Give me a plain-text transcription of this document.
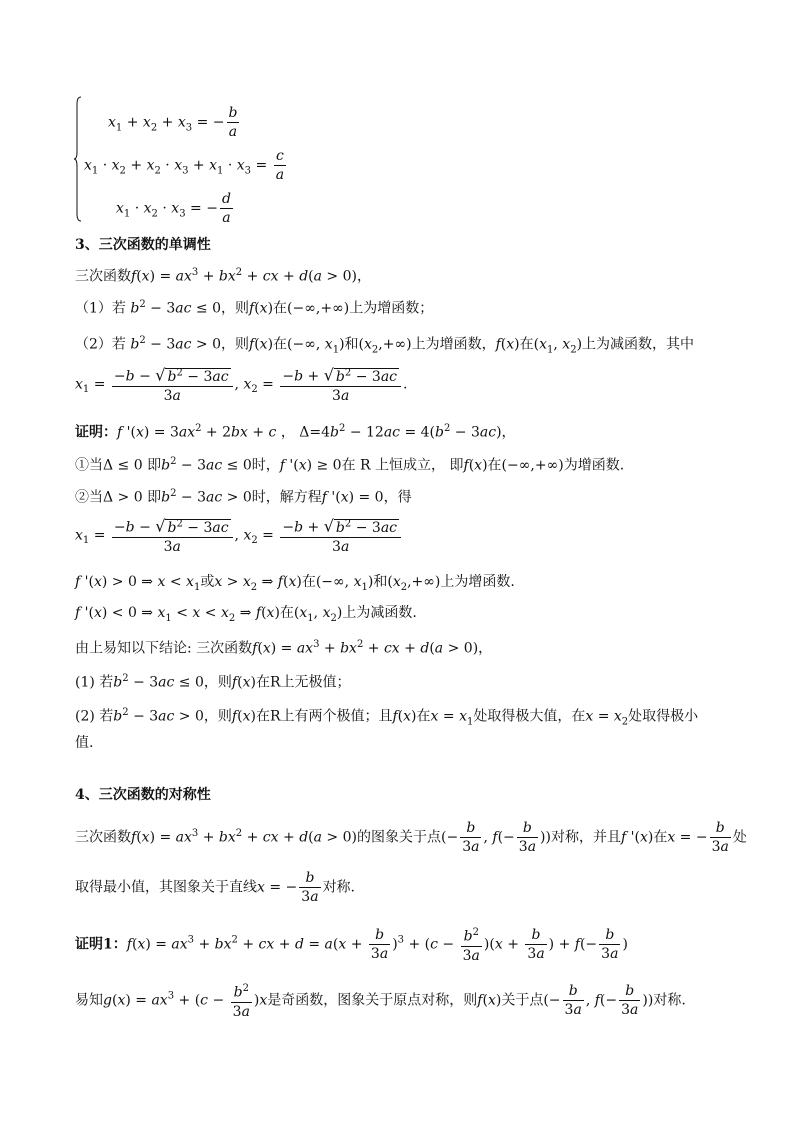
$x_1 + x_2 + x_3$ = − $\frac{b}{a}$
$x_1 \cdot x_2 + x_2 \cdot x_3 + x_1 \cdot x_3 = \frac{c}{a}$
$x_1 \cdot x_2 \cdot x_3$ = − $\frac{d}{a}$
3、三次函数的单调性
三次函数$f(x) = ax^3 + bx^2$ + cx + d(a > 0)，
（1）若 $b^2 - 3ac \le 0$，则f(x)在(−∞,+∞)上为增函数；
（2）若 $b^2 - 3ac > 0$，则f(x)在(−∞, $x_1$)和$(x_2,+\infty)$上为增函数，f(x)在($x_1$, $x_2$)上为减函数，其中
$x_1 = \frac{-b - √ b^2 - 3ac}{3a}$ , $x_2 = \frac{-b + √ b^2 - 3ac}{3a}$ .
证明：f '$(x) = 3ax^2 + 2bx + c$ ， $\Delta=4b^2 - 12ac = 4(b^2 - 3ac)$，
①当Δ ≤ 0 即$b^2 - 3ac \le 0$时，f '(x) ≥ 0在 R 上恒成立， 即f(x)在(−∞,+∞)为增函数.
②当Δ > 0 即$b^2 - 3ac > 0$时，解方程f '(x) = 0，得
$x_1 = \frac{-b - √ b^2 - 3ac}{3a}$ , $x_2 = \frac{-b + √ b^2 - 3ac}{3a}$
f '(x) > 0 ⇒ $x < x_1$或$x > x_2$ ⇒ f(x)在(−∞, $x_1$)和$(x_2,+\infty)$上为增函数.
f '(x) < 0 ⇒ $x_1 < x < x_2$ ⇒ f(x)在($x_1$, $x_2$)上为减函数.
由上易知以下结论: 三次函数$f(x) = ax^3 + bx^2$ + cx + d(a > 0)，
(1) 若$b^2 - 3ac \le 0$，则f(x)在R上无极值；
(2) 若$b^2 - 3ac > 0$，则f(x)在R上有两个极值；且f(x)在$x = x_1$处取得极大值，在$x = x_2$处取得极小
值.
4、三次函数的对称性
三次函数$f(x) = ax^3 + bx^2$ + cx + d(a > 0)的图象关于点(− $\frac{b}{3a}$ , $f(- \frac{b}{3a}$ ))对称，并且f '(x)在x = − $\frac{b}{3a}$ 处
取得最小值，其图象关于直线x = − $\frac{b}{3a}$ 对称.
证明1：$f(x) = ax^3 + bx^2$ + cx + $d = a(x + \frac{b}{3a} )^3 + (c - \frac{b^2}{3a} )(x + \frac{b}{3a}$ ) + $f(- \frac{b}{3a}$ )
易知$g(x) = ax^3 + (c - \frac{b^2}{3a} )x$是奇函数，图象关于原点对称，则f(x)关于点(− $\frac{b}{3a}$ , $f(- \frac{b}{3a}$ ))对称.
